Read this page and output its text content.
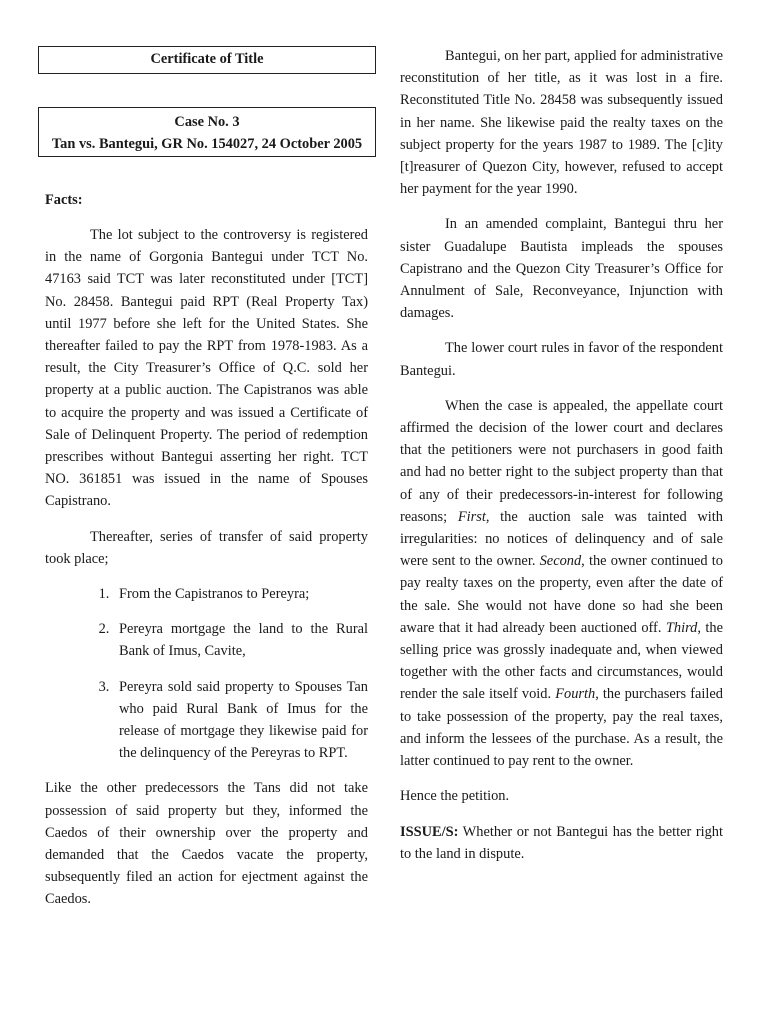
Certificate of Title
Case No. 3
Tan vs. Bantegui, GR No. 154027, 24 October 2005

Facts:

The lot subject to the controversy is registered in the name of Gorgonia Bantegui under TCT No. 47163 said TCT was later reconstituted under [TCT] No. 28458. Bantegui paid RPT (Real Property Tax) until 1977 before she left for the United States. She thereafter failed to pay the RPT from 1978-1983. As a result, the City Treasurer’s Office of Q.C. sold her property at a public auction. The Capistranos was able to acquire the property and was issued a Certificate of Sale of Delinquent Property. The period of redemption prescribes without Bantegui asserting her right. TCT NO. 361851 was issued in the name of Spouses Capistrano.

Thereafter, series of transfer of said property took place;

1. From the Capistranos to Pereyra;
2. Pereyra mortgage the land to the Rural Bank of Imus, Cavite,
3. Pereyra sold said property to Spouses Tan who paid Rural Bank of Imus for the release of mortgage they likewise paid for the delinquency of the Pereyras to RPT.

Like the other predecessors the Tans did not take possession of said property but they, informed the Caedos of their ownership over the property and demanded that the Caedos vacate the property, subsequently filed an action for ejectment against the Caedos.

Bantegui, on her part, applied for administrative reconstitution of her title, as it was lost in a fire. Reconstituted Title No. 28458 was subsequently issued in her name. She likewise paid the realty taxes on the subject property for the years 1987 to 1989. The [c]ity [t]reasurer of Quezon City, however, refused to accept her payment for the year 1990.

In an amended complaint, Bantegui thru her sister Guadalupe Bautista impleads the spouses Capistrano and the Quezon City Treasurer’s Office for Annulment of Sale, Reconveyance, Injunction with damages.

The lower court rules in favor of the respondent Bantegui.

When the case is appealed, the appellate court affirmed the decision of the lower court and declares that the petitioners were not purchasers in good faith and had no better right to the subject property than that of any of their predecessors-in-interest for following reasons; First, the auction sale was tainted with irregularities: no notices of delinquency and of sale were sent to the owner. Second, the owner continued to pay realty taxes on the property, even after the date of the sale. She would not have done so had she been aware that it had already been auctioned off. Third, the selling price was grossly inadequate and, when viewed together with the other facts and circumstances, would render the sale itself void. Fourth, the purchasers failed to take possession of the property, pay the real taxes, and inform the lessees of the purchase. As a result, the latter continued to pay rent to the owner.

Hence the petition.

ISSUE/S: Whether or not Bantegui has the better right to the land in dispute.
